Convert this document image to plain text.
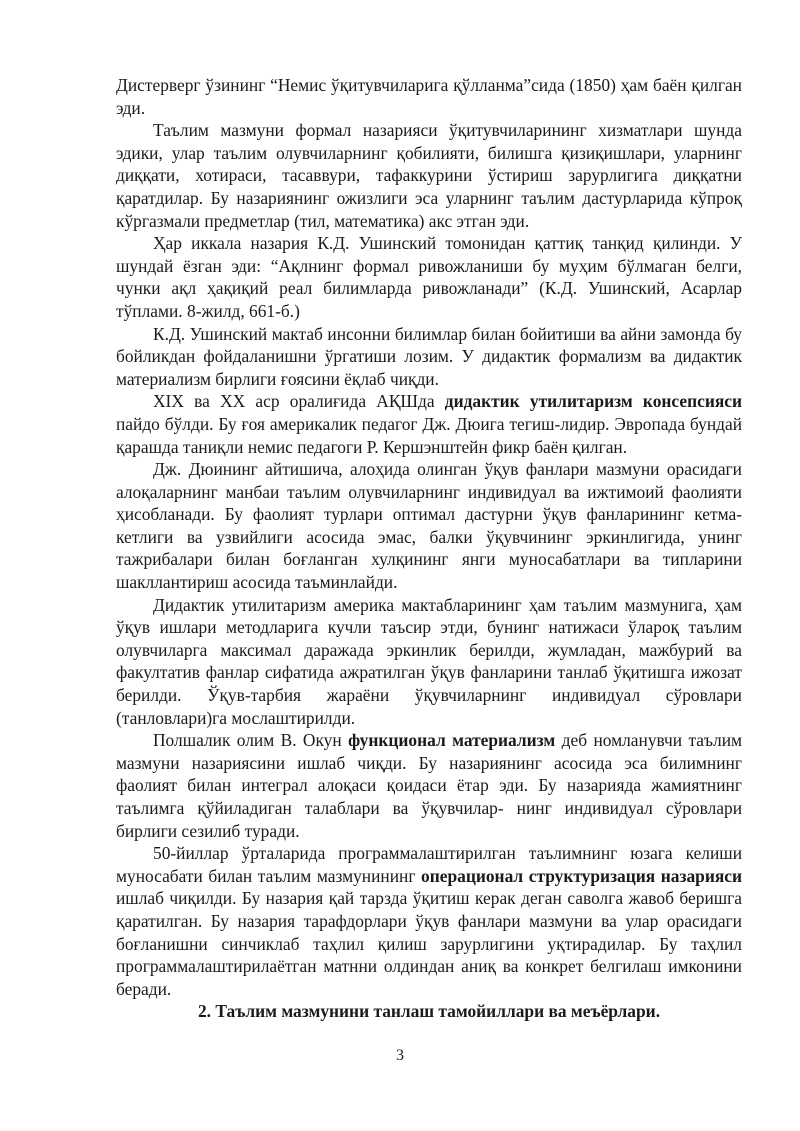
Дистерверг ўзининг “Немис ўқитувчиларига қўлланма”сида (1850) ҳам баён қилган эди.

Таълим мазмуни формал назарияси ўқитувчиларининг хизматлари шунда эдики, улар таълим олувчиларнинг қобилияти, билишга қизиқишлари, уларнинг диққати, хотираси, тасаввури, тафаккурини ўстириш зарурлигига диққатни қаратдилар. Бу назариянинг ожизлиги эса уларнинг таълим дастурларида кўпроқ кўргазмали предметлар (тил, математика) акс этган эди.

Ҳар иккала назария К.Д. Ушинский томонидан қаттиқ танқид қилинди. У шундай ёзган эди: “Ақлнинг формал ривожланиши бу муҳим бўлмаган белги, чунки ақл ҳақиқий реал билимларда ривожланади” (К.Д. Ушинский, Асарлар тўплами. 8-жилд, 661-б.)

К.Д. Ушинский мактаб инсонни билимлар билан бойитиши ва айни замонда бу бойликдан фойдаланишни ўргатиши лозим. У дидактик формализм ва дидактик материализм бирлиги ғоясини ёқлаб чиқди.

XIX ва XX аср оралиғида АҚШда дидактик утилитаризм консепсияси пайдо бўлди. Бу ғоя америкалик педагог Дж. Дюига тегиш-лидир. Эвропада бундай қарашда таниқли немис педагоги Р. Кершэнштейн фикр баён қилган.

Дж. Дюининг айтишича, алоҳида олинган ўқув фанлари мазмуни орасидаги алоқаларнинг манбаи таълим олувчиларнинг индивидуал ва ижтимоий фаолияти ҳисобланади. Бу фаолият турлари оптимал дастурни ўқув фанларининг кетма-кетлиги ва узвийлиги асосида эмас, балки ўқувчининг эркинлигида, унинг тажрибалари билан боғланган хулқининг янги муносабатлари ва типларини шакллантириш асосида таъминлайди.

Дидактик утилитаризм америка мактабларининг ҳам таълим мазмунига, ҳам ўқув ишлари методларига кучли таъсир этди, бунинг натижаси ўлароқ таълим олувчиларга максимал даражада эркинлик берилди, жумладан, мажбурий ва факултатив фанлар сифатида ажратилган ўқув фанларини танлаб ўқитишга ижозат берилди. Ўқув-тарбия жараёни ўқувчиларнинг индивидуал сўровлари (танловлари)га мослаштирилди.

Полшалик олим В. Окун функционал материализм деб номланувчи таълим мазмуни назариясини ишлаб чиқди. Бу назариянинг асосида эса билимнинг фаолият билан интеграл алоқаси қоидаси ётар эди. Бу назарияда жамиятнинг таълимга қўйиладиган талаблари ва ўқувчилар- нинг индивидуал сўровлари бирлиги сезилиб туради.

50-йиллар ўрталарида программалаштирилган таълимнинг юзага келиши муносабати билан таълим мазмунининг операционал структуризация назарияси ишлаб чиқилди. Бу назария қай тарзда ўқитиш керак деган саволга жавоб беришга қаратилган. Бу назария тарафдорлари ўқув фанлари мазмуни ва улар орасидаги боғланишни синчиклаб таҳлил қилиш зарурлигини уқтирадилар. Бу таҳлил программалаштирилаётган матнни олдиндан аниқ ва конкрет белгилаш имконини беради.

2. Таълим мазмунини танлаш тамойиллари ва меъёрлари.

3
